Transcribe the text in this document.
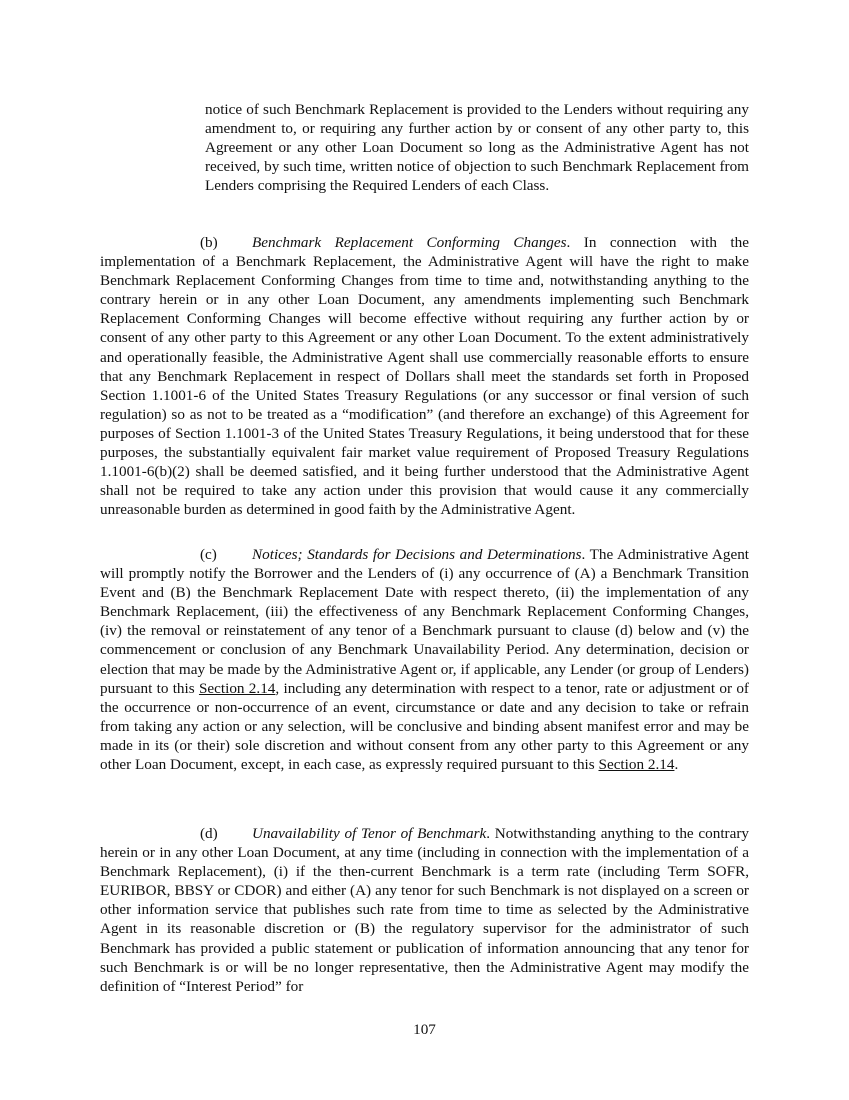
notice of such Benchmark Replacement is provided to the Lenders without requiring any amendment to, or requiring any further action by or consent of any other party to, this Agreement or any other Loan Document so long as the Administrative Agent has not received, by such time, written notice of objection to such Benchmark Replacement from Lenders comprising the Required Lenders of each Class.

(b) Benchmark Replacement Conforming Changes. In connection with the implementation of a Benchmark Replacement, the Administrative Agent will have the right to make Benchmark Replacement Conforming Changes from time to time and, notwithstanding anything to the contrary herein or in any other Loan Document, any amendments implementing such Benchmark Replacement Conforming Changes will become effective without requiring any further action by or consent of any other party to this Agreement or any other Loan Document. To the extent administratively and operationally feasible, the Administrative Agent shall use commercially reasonable efforts to ensure that any Benchmark Replacement in respect of Dollars shall meet the standards set forth in Proposed Section 1.1001-6 of the United States Treasury Regulations (or any successor or final version of such regulation) so as not to be treated as a “modification” (and therefore an exchange) of this Agreement for purposes of Section 1.1001-3 of the United States Treasury Regulations, it being understood that for these purposes, the substantially equivalent fair market value requirement of Proposed Treasury Regulations 1.1001-6(b)(2) shall be deemed satisfied, and it being further understood that the Administrative Agent shall not be required to take any action under this provision that would cause it any commercially unreasonable burden as determined in good faith by the Administrative Agent.

(c) Notices; Standards for Decisions and Determinations. The Administrative Agent will promptly notify the Borrower and the Lenders of (i) any occurrence of (A) a Benchmark Transition Event and (B) the Benchmark Replacement Date with respect thereto, (ii) the implementation of any Benchmark Replacement, (iii) the effectiveness of any Benchmark Replacement Conforming Changes, (iv) the removal or reinstatement of any tenor of a Benchmark pursuant to clause (d) below and (v) the commencement or conclusion of any Benchmark Unavailability Period. Any determination, decision or election that may be made by the Administrative Agent or, if applicable, any Lender (or group of Lenders) pursuant to this Section 2.14, including any determination with respect to a tenor, rate or adjustment or of the occurrence or non-occurrence of an event, circumstance or date and any decision to take or refrain from taking any action or any selection, will be conclusive and binding absent manifest error and may be made in its (or their) sole discretion and without consent from any other party to this Agreement or any other Loan Document, except, in each case, as expressly required pursuant to this Section 2.14.

(d) Unavailability of Tenor of Benchmark. Notwithstanding anything to the contrary herein or in any other Loan Document, at any time (including in connection with the implementation of a Benchmark Replacement), (i) if the then-current Benchmark is a term rate (including Term SOFR, EURIBOR, BBSY or CDOR) and either (A) any tenor for such Benchmark is not displayed on a screen or other information service that publishes such rate from time to time as selected by the Administrative Agent in its reasonable discretion or (B) the regulatory supervisor for the administrator of such Benchmark has provided a public statement or publication of information announcing that any tenor for such Benchmark is or will be no longer representative, then the Administrative Agent may modify the definition of “Interest Period” for

107
